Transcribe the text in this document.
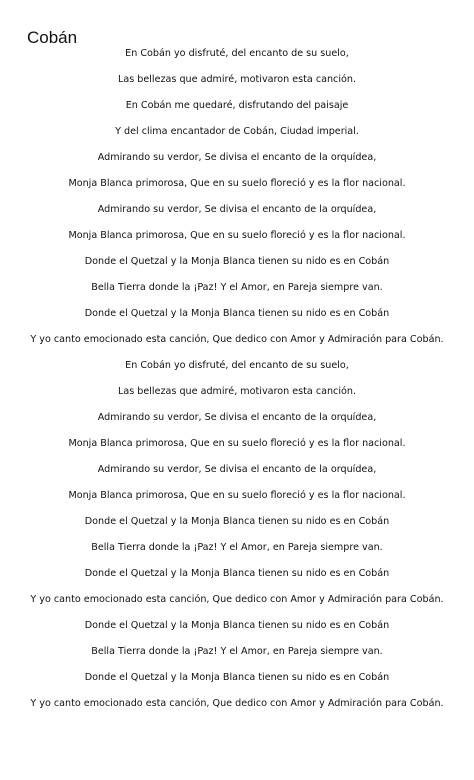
Cobán
En Cobán yo disfruté, del encanto de su suelo,
Las bellezas que admiré, motivaron esta canción.
En Cobán me quedaré, disfrutando del paisaje
Y del clima encantador de Cobán, Ciudad imperial.
Admirando su verdor, Se divisa el encanto de la orquídea,
Monja Blanca primorosa, Que en su suelo floreció y es la flor nacional.
Admirando su verdor, Se divisa el encanto de la orquídea,
Monja Blanca primorosa, Que en su suelo floreció y es la flor nacional.
Donde el Quetzal y la Monja Blanca tienen su nido es en Cobán
Bella Tierra donde la ¡Paz! Y el Amor, en Pareja siempre van.
Donde el Quetzal y la Monja Blanca tienen su nido es en Cobán
Y yo canto emocionado esta canción, Que dedico con Amor y Admiración para Cobán.
En Cobán yo disfruté, del encanto de su suelo,
Las bellezas que admiré, motivaron esta canción.
Admirando su verdor, Se divisa el encanto de la orquídea,
Monja Blanca primorosa, Que en su suelo floreció y es la flor nacional.
Admirando su verdor, Se divisa el encanto de la orquídea,
Monja Blanca primorosa, Que en su suelo floreció y es la flor nacional.
Donde el Quetzal y la Monja Blanca tienen su nido es en Cobán
Bella Tierra donde la ¡Paz! Y el Amor, en Pareja siempre van.
Donde el Quetzal y la Monja Blanca tienen su nido es en Cobán
Y yo canto emocionado esta canción, Que dedico con Amor y Admiración para Cobán.
Donde el Quetzal y la Monja Blanca tienen su nido es en Cobán
Bella Tierra donde la ¡Paz! Y el Amor, en Pareja siempre van.
Donde el Quetzal y la Monja Blanca tienen su nido es en Cobán
Y yo canto emocionado esta canción, Que dedico con Amor y Admiración para Cobán.
